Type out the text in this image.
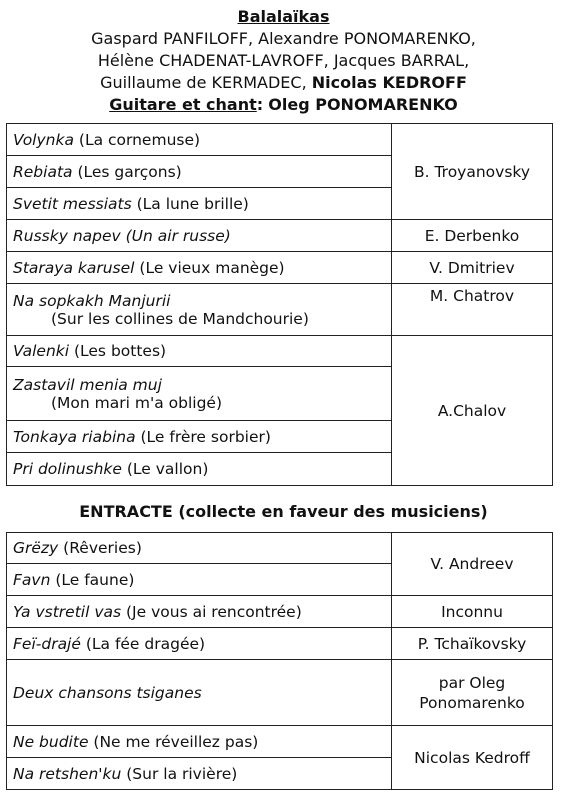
Balalaïkas
Gaspard PANFILOFF, Alexandre PONOMARENKO,
Hélène CHADENAT-LAVROFF, Jacques BARRAL,
Guillaume de KERMADEC, Nicolas KEDROFF
Guitare et chant: Oleg PONOMARENKO
Volynka (La cornemuse)	B. Troyanovsky
Rebiata (Les garçons)	
Svetit messiats (La lune brille)	
Russky napev (Un air russe)	E. Derbenko
Staraya karusel (Le vieux manège)	V. Dmitriev
Na sopkakh Manjurii
(Sur les collines de Mandchourie)	M. Chatrov
Valenki (Les bottes)	A.Chalov
Zastavil menia muj
(Mon mari m'a obligé)	
Tonkaya riabina (Le frère sorbier)	
Pri dolinushke (Le vallon)	
ENTRACTE (collecte en faveur des musiciens)
Grëzy (Rêveries)	V. Andreev
Favn (Le faune)	
Ya vstretil vas (Je vous ai rencontrée)	Inconnu
Feï-drajé (La fée dragée)	P. Tchaïkovsky
Deux chansons tsiganes	par Oleg Ponomarenko
Ne budite (Ne me réveillez pas)	Nicolas Kedroff
Na retshen'ku (Sur la rivière)	
